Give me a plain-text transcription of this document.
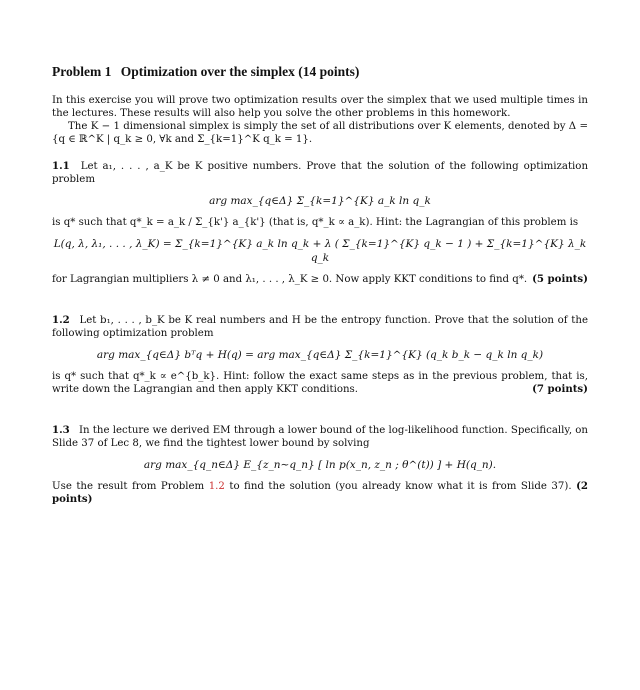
Problem 1 Optimization over the simplex (14 points)

In this exercise you will prove two optimization results over the simplex that we used multiple times in the lectures. These results will also help you solve the other problems in this homework.

The K − 1 dimensional simplex is simply the set of all distributions over K elements, denoted by Δ = {q ∈ ℝ^K | q_k ≥ 0, ∀k and Σ_{k=1}^K q_k = 1}.

1.1 Let a₁, . . . , a_K be K positive numbers. Prove that the solution of the following optimization problem

arg max_{q∈Δ} Σ_{k=1}^{K} a_k ln q_k

is q* such that q*_k = a_k / Σ_{k'} a_{k'} (that is, q*_k ∝ a_k). Hint: the Lagrangian of this problem is

L(q, λ, λ₁, . . . , λ_K) = Σ_{k=1}^{K} a_k ln q_k + λ ( Σ_{k=1}^{K} q_k − 1 ) + Σ_{k=1}^{K} λ_k q_k

(5 points)
for Lagrangian multipliers λ ≠ 0 and λ₁, . . . , λ_K ≥ 0. Now apply KKT conditions to find q*.

1.2 Let b₁, . . . , b_K be K real numbers and H be the entropy function. Prove that the solution of the following optimization problem

arg max_{q∈Δ} bᵀq + H(q) = arg max_{q∈Δ} Σ_{k=1}^{K} (q_k b_k − q_k ln q_k)

is q* such that q*_k ∝ e^{b_k}. Hint: follow the exact same steps as in the previous problem, that is, write down the Lagrangian and then apply KKT conditions.	(7 points)

1.3 In the lecture we derived EM through a lower bound of the log-likelihood function. Specifically, on Slide 37 of Lec 8, we find the tightest lower bound by solving

arg max_{q_n∈Δ} E_{z_n∼q_n} [ ln p(x_n, z_n ; θ^(t)) ] + H(q_n).

Use the result from Problem 1.2 to find the solution (you already know what it is from Slide 37). (2 points)
